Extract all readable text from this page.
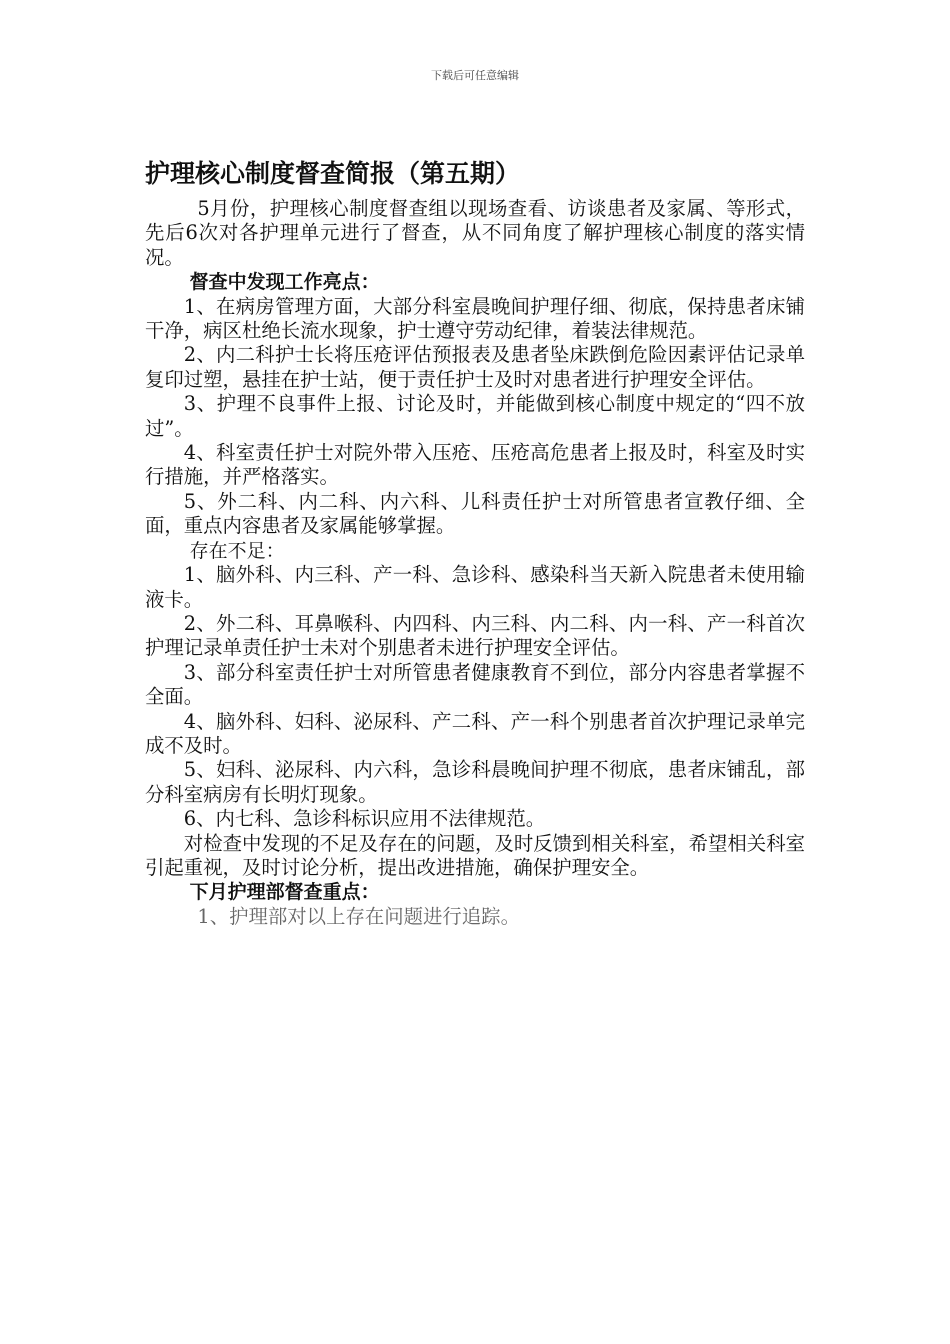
下载后可任意编辑
护理核心制度督查简报（第五期）

5月份，护理核心制度督查组以现场查看、访谈患者及家属、等形式，先后6次对各护理单元进行了督查，从不同角度了解护理核心制度的落实情况。

督查中发现工作亮点：

1、在病房管理方面，大部分科室晨晚间护理仔细、彻底，保持患者床铺干净，病区杜绝长流水现象，护士遵守劳动纪律，着装法律规范。

2、内二科护士长将压疮评估预报表及患者坠床跌倒危险因素评估记录单复印过塑，悬挂在护士站，便于责任护士及时对患者进行护理安全评估。

3、护理不良事件上报、讨论及时，并能做到核心制度中规定的“四不放过”。

4、科室责任护士对院外带入压疮、压疮高危患者上报及时，科室及时实行措施，并严格落实。

5、外二科、内二科、内六科、儿科责任护士对所管患者宣教仔细、全面，重点内容患者及家属能够掌握。

存在不足：

1、脑外科、内三科、产一科、急诊科、感染科当天新入院患者未使用输液卡。

2、外二科、耳鼻喉科、内四科、内三科、内二科、内一科、产一科首次护理记录单责任护士未对个别患者未进行护理安全评估。

3、部分科室责任护士对所管患者健康教育不到位，部分内容患者掌握不全面。

4、脑外科、妇科、泌尿科、产二科、产一科个别患者首次护理记录单完成不及时。

5、妇科、泌尿科、内六科，急诊科晨晚间护理不彻底，患者床铺乱，部分科室病房有长明灯现象。

6、内七科、急诊科标识应用不法律规范。

对检查中发现的不足及存在的问题，及时反馈到相关科室，希望相关科室引起重视，及时讨论分析，提出改进措施，确保护理安全。

下月护理部督查重点：

1、护理部对以上存在问题进行追踪。
